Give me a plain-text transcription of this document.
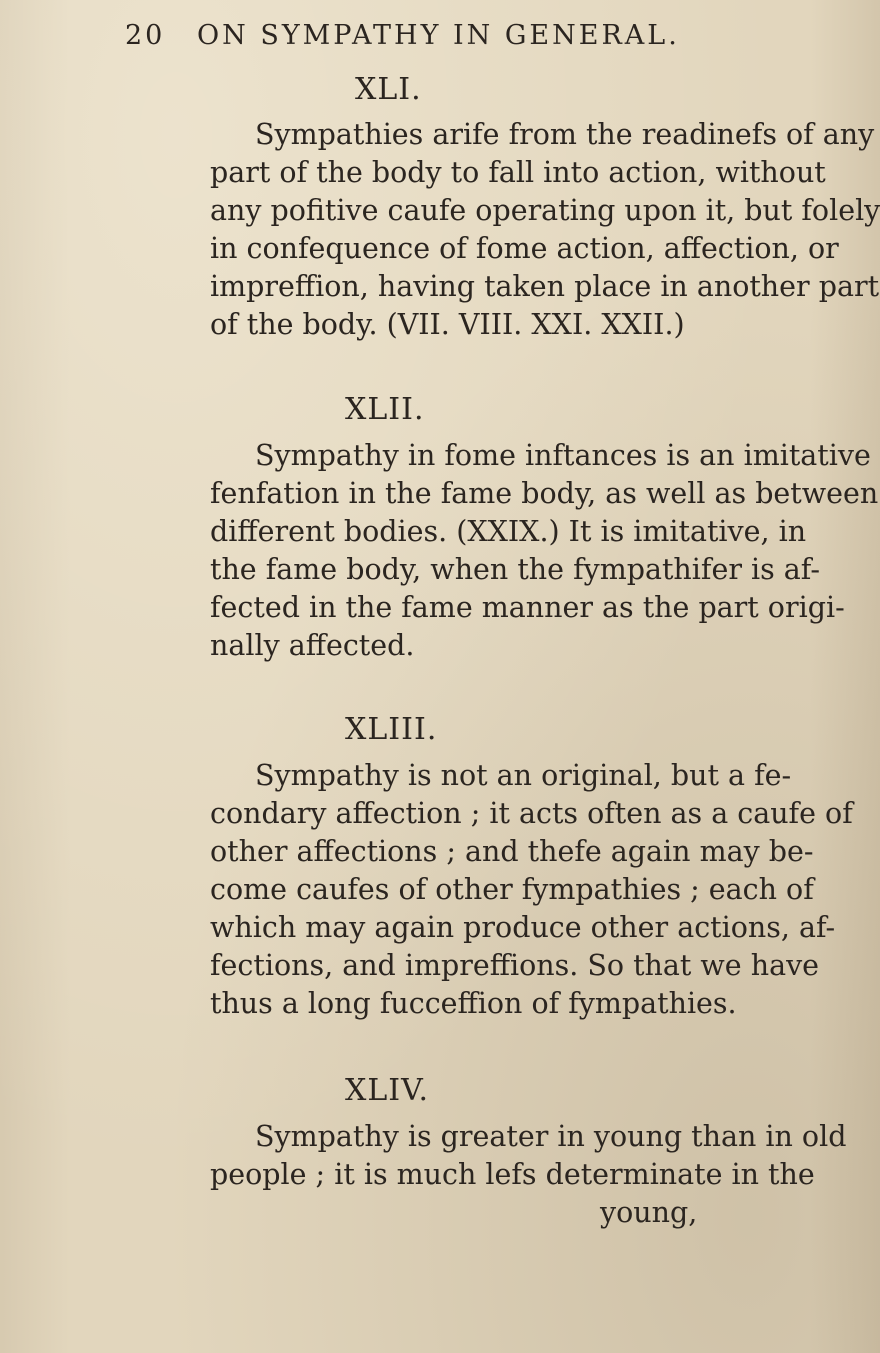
20 ON SYMPATHY IN GENERAL.
XLI.
Sympathies arife from the readinefs of any
part of the body to fall into action, without
any pofitive caufe operating upon it, but folely
in confequence of fome action, affection, or
impreffion, having taken place in another part
of the body. (VII. VIII. XXI. XXII.)
XLII.
Sympathy in fome inftances is an imitative
fenfation in the fame body, as well as between
different bodies. (XXIX.) It is imitative, in
the fame body, when the fympathifer is af-
fected in the fame manner as the part origi-
nally affected.
XLIII.
Sympathy is not an original, but a fe-
condary affection ; it acts often as a caufe of
other affections ; and thefe again may be-
come caufes of other fympathies ; each of
which may again produce other actions, af-
fections, and impreffions. So that we have
thus a long fucceffion of fympathies.
XLIV.
Sympathy is greater in young than in old
people ; it is much lefs determinate in the
young,
